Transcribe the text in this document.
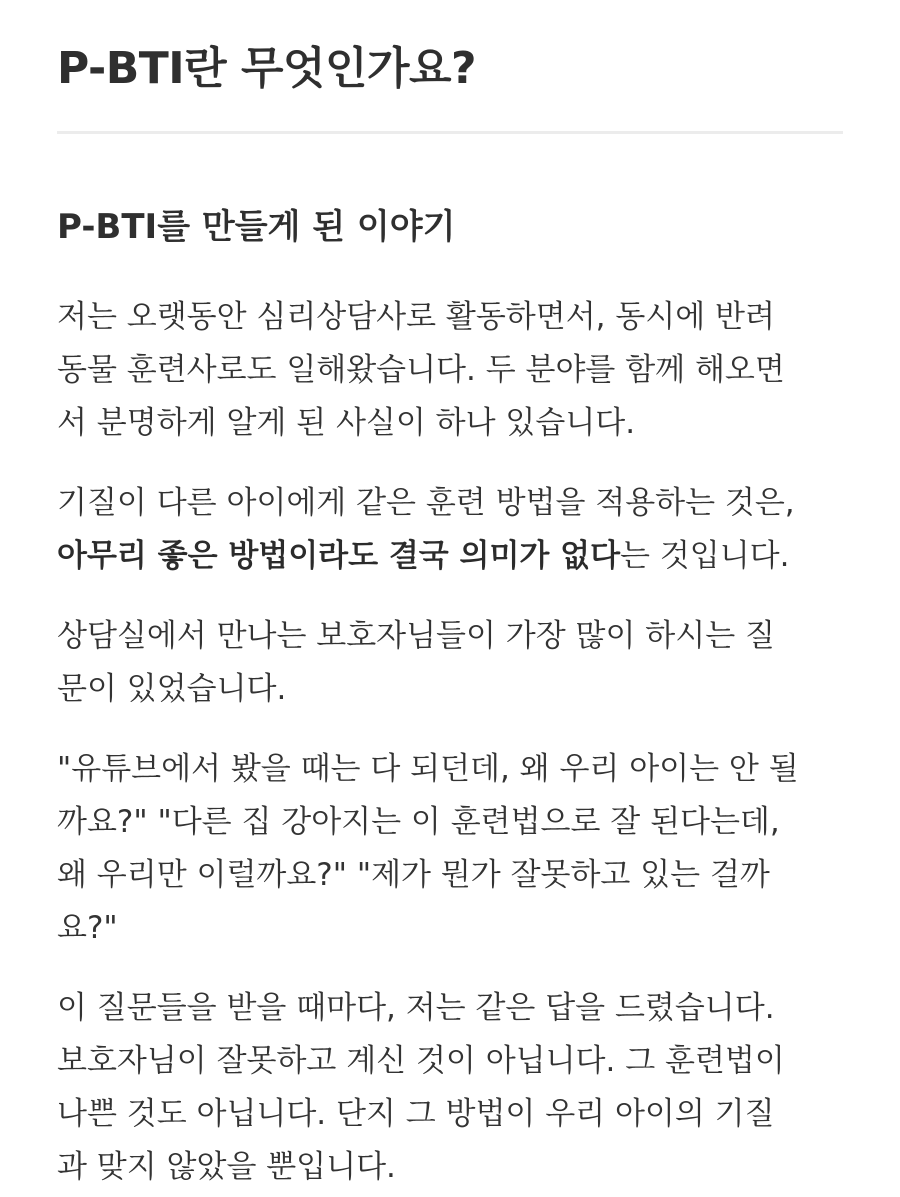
P-BTI란 무엇인가요?
P-BTI를 만들게 된 이야기

저는 오랫동안 심리상담사로 활동하면서, 동시에 반려
동물 훈련사로도 일해왔습니다. 두 분야를 함께 해오면
서 분명하게 알게 된 사실이 하나 있습니다.

기질이 다른 아이에게 같은 훈련 방법을 적용하는 것은,
아무리 좋은 방법이라도 결국 의미가 없다는 것입니다.

상담실에서 만나는 보호자님들이 가장 많이 하시는 질
문이 있었습니다.

"유튜브에서 봤을 때는 다 되던데, 왜 우리 아이는 안 될
까요?" "다른 집 강아지는 이 훈련법으로 잘 된다는데,
왜 우리만 이럴까요?" "제가 뭔가 잘못하고 있는 걸까
요?"

이 질문들을 받을 때마다, 저는 같은 답을 드렸습니다.
보호자님이 잘못하고 계신 것이 아닙니다. 그 훈련법이
나쁜 것도 아닙니다. 단지 그 방법이 우리 아이의 기질
과 맞지 않았을 뿐입니다.
